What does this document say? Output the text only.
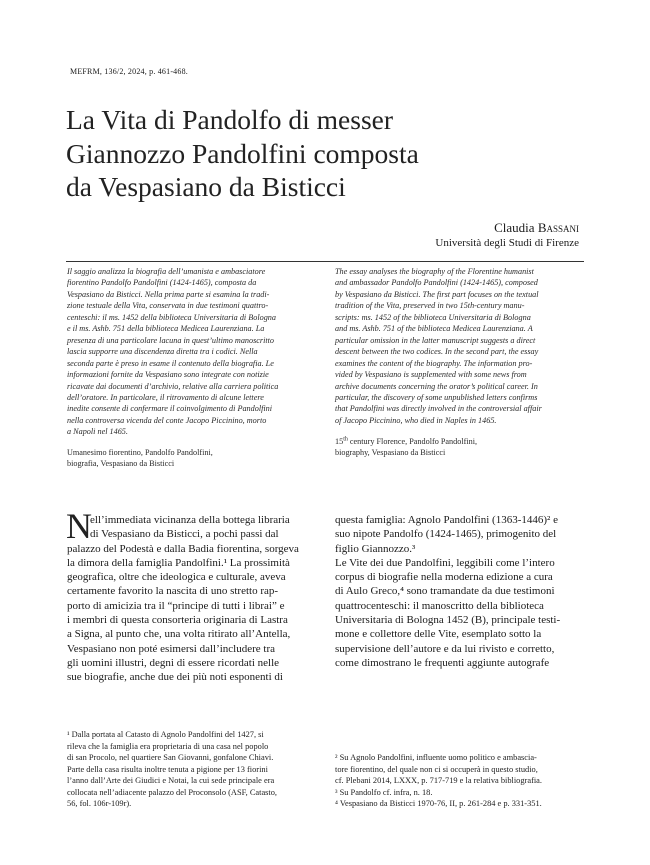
MEFRM, 136/2, 2024, p. 461-468.
La Vita di Pandolfo di messer
Giannozzo Pandolfini composta
da Vespasiano da Bisticci
Claudia Bassani
Università degli Studi di Firenze
Il saggio analizza la biografia dell’umanista e ambasciatore
fiorentino Pandolfo Pandolfini (1424-1465), composta da
Vespasiano da Bisticci. Nella prima parte si esamina la tradi-
zione testuale della Vita, conservata in due testimoni quattro-
centeschi: il ms. 1452 della biblioteca Universitaria di Bologna
e il ms. Ashb. 751 della biblioteca Medicea Laurenziana. La
presenza di una particolare lacuna in quest’ultimo manoscritto
lascia supporre una discendenza diretta tra i codici. Nella
seconda parte è preso in esame il contenuto della biografia. Le
informazioni fornite da Vespasiano sono integrate con notizie
ricavate dai documenti d’archivio, relative alla carriera politica
dell’oratore. In particolare, il ritrovamento di alcune lettere
inedite consente di confermare il coinvolgimento di Pandolfini
nella controversa vicenda del conte Jacopo Piccinino, morto
a Napoli nel 1465.
Umanesimo fiorentino, Pandolfo Pandolfini,
biografia, Vespasiano da Bisticci
The essay analyses the biography of the Florentine humanist
and ambassador Pandolfo Pandolfini (1424-1465), composed
by Vespasiano da Bisticci. The first part focuses on the textual
tradition of the Vita, preserved in two 15th-century manu-
scripts: ms. 1452 of the biblioteca Universitaria di Bologna
and ms. Ashb. 751 of the biblioteca Medicea Laurenziana. A
particular omission in the latter manuscript suggests a direct
descent between the two codices. In the second part, the essay
examines the content of the biography. The information pro-
vided by Vespasiano is supplemented with some news from
archive documents concerning the orator’s political career. In
particular, the discovery of some unpublished letters confirms
that Pandolfini was directly involved in the controversial affair
of Jacopo Piccinino, who died in Naples in 1465.
15th century Florence, Pandolfo Pandolfini,
biography, Vespasiano da Bisticci
N
ell’immediata vicinanza della bottega libraria
di Vespasiano da Bisticci, a pochi passi dal
palazzo del Podestà e dalla Badia fiorentina, sorgeva
la dimora della famiglia Pandolfini.¹ La prossimità
geografica, oltre che ideologica e culturale, aveva
certamente favorito la nascita di uno stretto rap-
porto di amicizia tra il “principe di tutti i librai” e
i membri di questa consorteria originaria di Lastra
a Signa, al punto che, una volta ritirato all’Antella,
Vespasiano non poté esimersi dall’includere tra
gli uomini illustri, degni di essere ricordati nelle
sue biografie, anche due dei più noti esponenti di
questa famiglia: Agnolo Pandolfini (1363-1446)² e
suo nipote Pandolfo (1424-1465), primogenito del
figlio Giannozzo.³
Le Vite dei due Pandolfini, leggibili come l’intero
corpus di biografie nella moderna edizione a cura
di Aulo Greco,⁴ sono tramandate da due testimoni
quattrocenteschi: il manoscritto della biblioteca
Universitaria di Bologna 1452 (B), principale testi-
mone e collettore delle Vite, esemplato sotto la
supervisione dell’autore e da lui rivisto e corretto,
come dimostrano le frequenti aggiunte autografe
¹ Dalla portata al Catasto di Agnolo Pandolfini del 1427, si
rileva che la famiglia era proprietaria di una casa nel popolo
di san Procolo, nel quartiere San Giovanni, gonfalone Chiavi.
Parte della casa risulta inoltre tenuta a pigione per 13 fiorini
l’anno dall’Arte dei Giudici e Notai, la cui sede principale era
collocata nell’adiacente palazzo del Proconsolo (ASF, Catasto,
56, fol. 106r-109r).
² Su Agnolo Pandolfini, influente uomo politico e ambascia-
tore fiorentino, del quale non ci si occuperà in questo studio,
cf. Plebani 2014, LXXX, p. 717-719 e la relativa bibliografia.
³ Su Pandolfo cf. infra, n. 18.
⁴ Vespasiano da Bisticci 1970-76, II, p. 261-284 e p. 331-351.
